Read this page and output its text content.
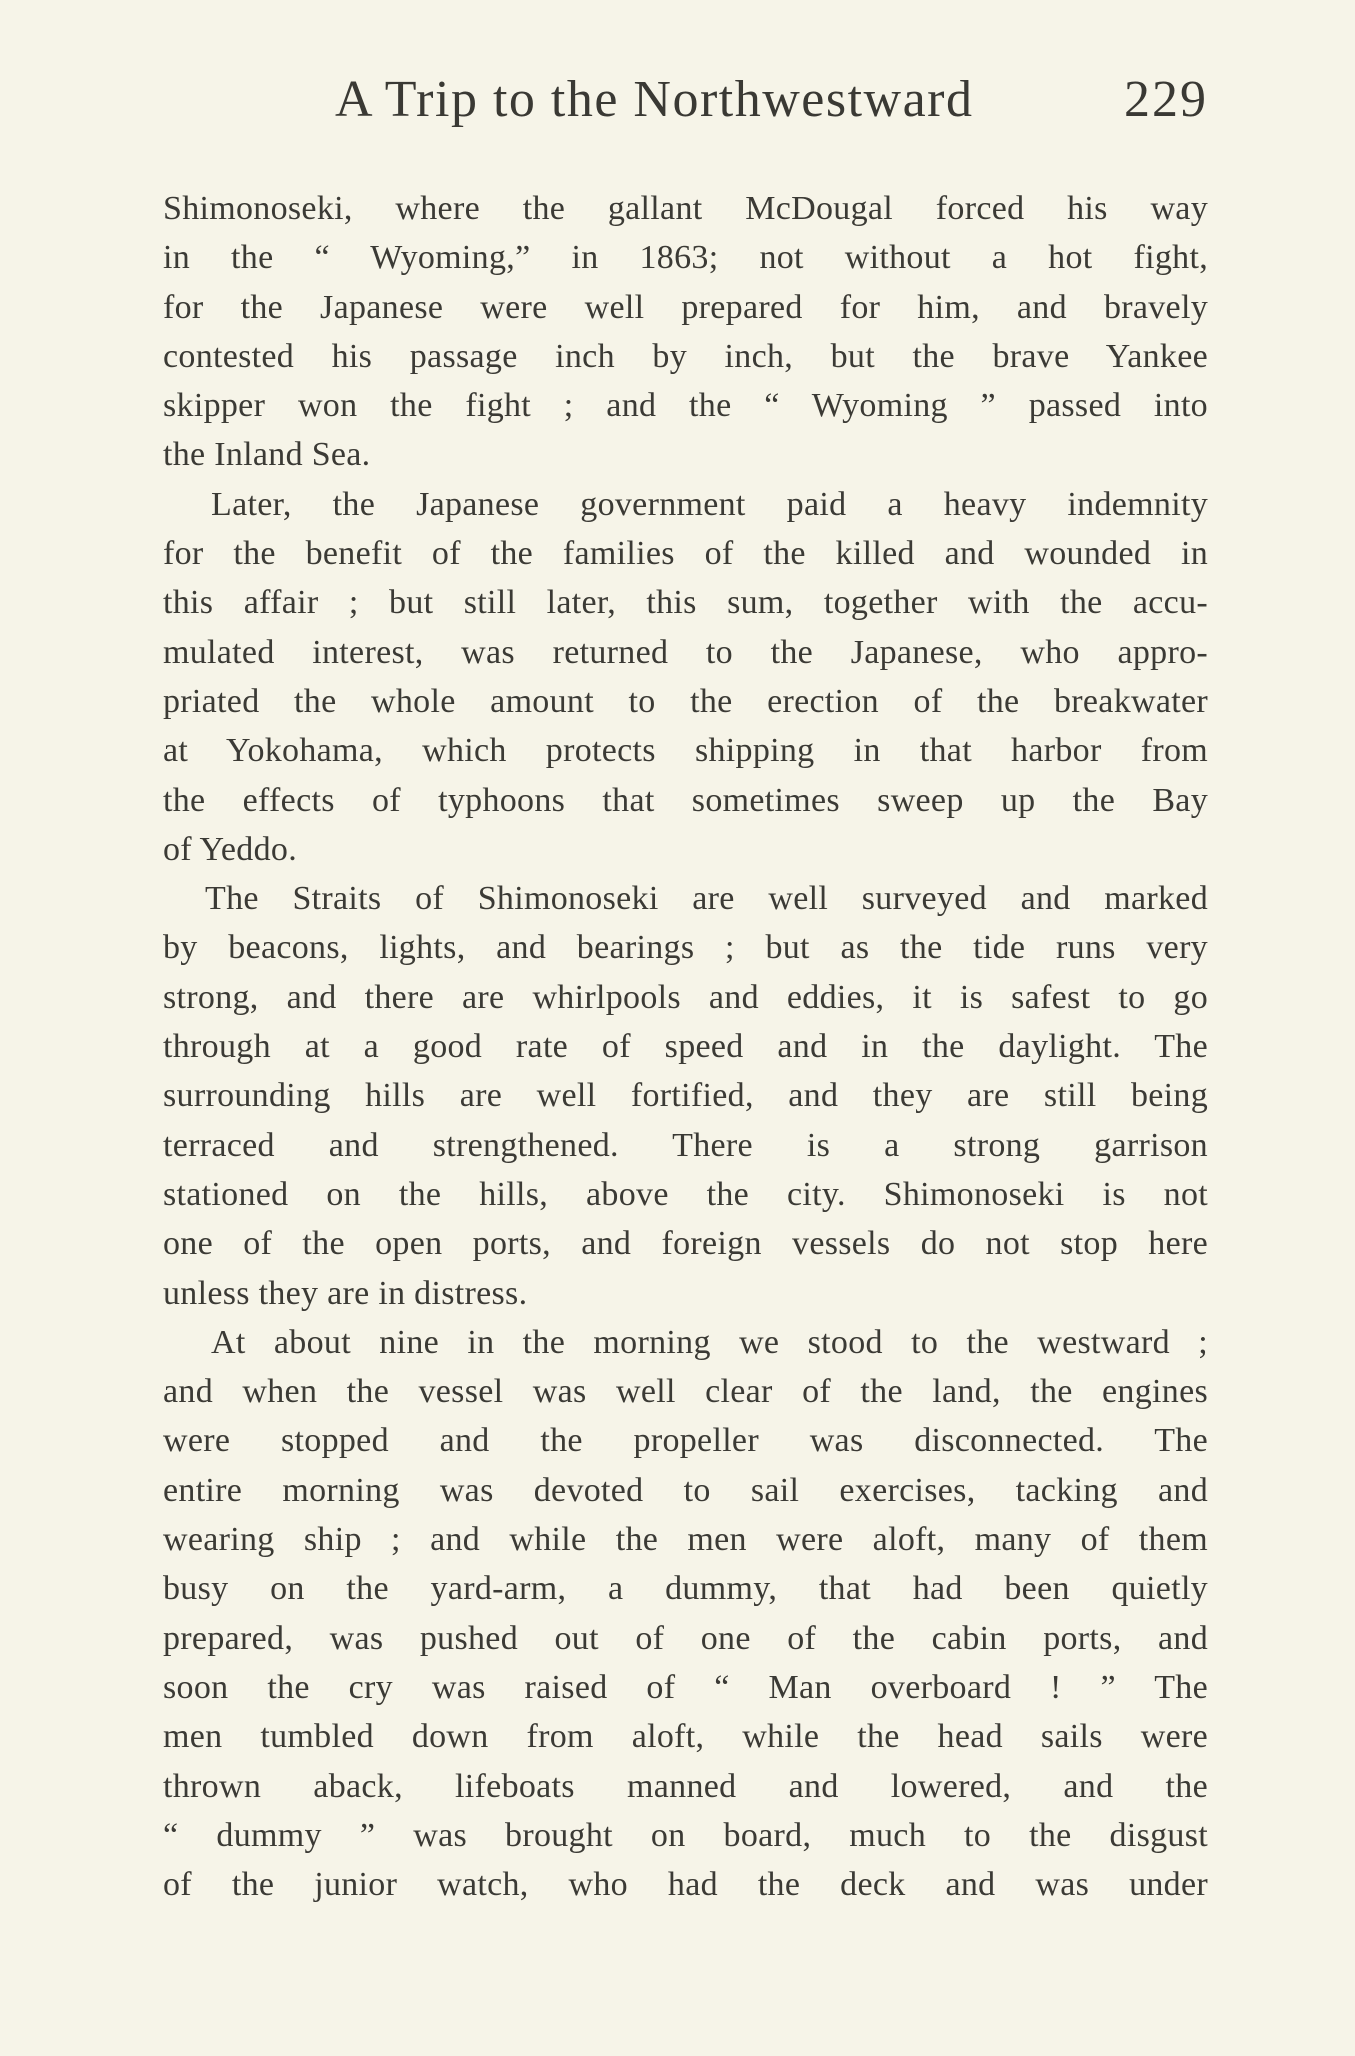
A Trip to the Northwestward	229
Shimonoseki, where the gallant McDougal forced his way
in the “ Wyoming,” in 1863; not without a hot fight,
for the Japanese were well prepared for him, and bravely
contested his passage inch by inch, but the brave Yankee
skipper won the fight ; and the “ Wyoming ” passed into
the Inland Sea.
Later, the Japanese government paid a heavy indemnity
for the benefit of the families of the killed and wounded in
this affair ; but still later, this sum, together with the accu-
mulated interest, was returned to the Japanese, who appro-
priated the whole amount to the erection of the breakwater
at Yokohama, which protects shipping in that harbor from
the effects of typhoons that sometimes sweep up the Bay
of Yeddo.
The Straits of Shimonoseki are well surveyed and marked
by beacons, lights, and bearings ; but as the tide runs very
strong, and there are whirlpools and eddies, it is safest to go
through at a good rate of speed and in the daylight. The
surrounding hills are well fortified, and they are still being
terraced and strengthened. There is a strong garrison
stationed on the hills, above the city. Shimonoseki is not
one of the open ports, and foreign vessels do not stop here
unless they are in distress.
At about nine in the morning we stood to the westward ;
and when the vessel was well clear of the land, the engines
were stopped and the propeller was disconnected. The
entire morning was devoted to sail exercises, tacking and
wearing ship ; and while the men were aloft, many of them
busy on the yard-arm, a dummy, that had been quietly
prepared, was pushed out of one of the cabin ports, and
soon the cry was raised of “ Man overboard ! ” The
men tumbled down from aloft, while the head sails were
thrown aback, lifeboats manned and lowered, and the
“ dummy ” was brought on board, much to the disgust
of the junior watch, who had the deck and was under
